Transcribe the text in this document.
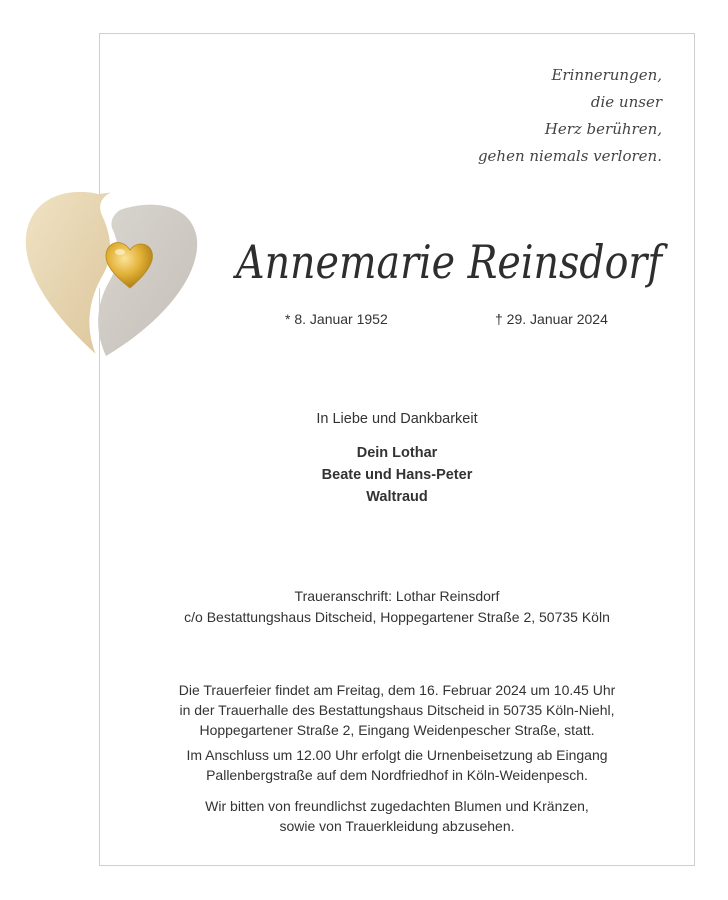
Erinnerungen,
die unser
Herz berühren,
gehen niemals verloren.
Annemarie Reinsdorf
* 8. Januar 1952	† 29. Januar 2024
In Liebe und Dankbarkeit
Dein Lothar
Beate und Hans-Peter
Waltraud
Traueranschrift: Lothar Reinsdorf
c/o Bestattungshaus Ditscheid, Hoppegartener Straße 2, 50735 Köln
Die Trauerfeier findet am Freitag, dem 16. Februar 2024 um 10.45 Uhr
in der Trauerhalle des Bestattungshaus Ditscheid in 50735 Köln-Niehl,
Hoppegartener Straße 2, Eingang Weidenpescher Straße, statt.
Im Anschluss um 12.00 Uhr erfolgt die Urnenbeisetzung ab Eingang
Pallenbergstraße auf dem Nordfriedhof in Köln-Weidenpesch.
Wir bitten von freundlichst zugedachten Blumen und Kränzen,
sowie von Trauerkleidung abzusehen.
